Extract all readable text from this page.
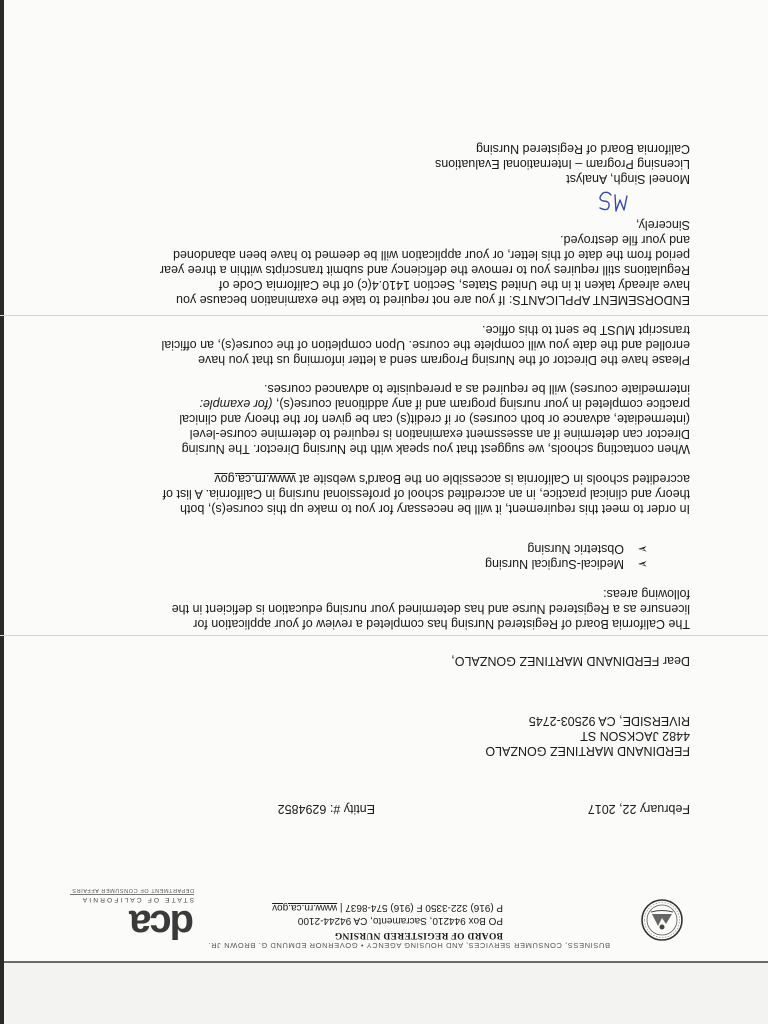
dca
STATE OF CALIFORNIA
DEPARTMENT OF CONSUMER AFFAIRS
BUSINESS, CONSUMER SERVICES, AND HOUSING AGENCY • GOVERNOR EDMUND G. BROWN JR.
BOARD OF REGISTERED NURSING
PO Box 944210, Sacramento, CA 94244-2100
P (916) 322-3350 F (916) 574-8637 | www.rn.ca.gov
February 22, 2017
Entity #: 6294852
FERDINAND MARTINEZ GONZALO
4482 JACKSON ST
RIVERSIDE, CA 92503-2745
Dear FERDINAND MARTINEZ GONZALO,

The California Board of Registered Nursing has completed a review of your application for

licensure as a Registered Nurse and has determined your nursing education is deficient in the

following areas:

➢Medical-Surgical Nursing
➢Obstetric Nursing

In order to meet this requirement, it will be necessary for you to make up this course(s), both

theory and clinical practice, in an accredited school of professional nursing in California. A list of

accredited schools in California is accessible on the Board's website at www.rn.ca.gov

When contacting schools, we suggest that you speak with the Nursing Director. The Nursing

Director can determine if an assessment examination is required to determine course-level

(intermediate, advance or both courses) or if credit(s) can be given for the theory and clinical

practice completed in your nursing program and if any additional course(s), (for example:

intermediate courses) will be required as a prerequisite to advanced courses.

Please have the Director of the Nursing Program send a letter informing us that you have

enrolled and the date you will complete the course. Upon completion of the course(s), an official

transcript MUST be sent to this office.

ENDORSEMENT APPLICANTS: If you are not required to take the examination because you

have already taken it in the United States, Section 1410.4(c) of the California Code of

Regulations still requires you to remove the deficiency and submit transcripts within a three year

period from the date of this letter, or your application will be deemed to have been abandoned

and your file destroyed.

Sincerely,
Moneel Singh, Analyst
Licensing Program – International Evaluations
California Board of Registered Nursing
